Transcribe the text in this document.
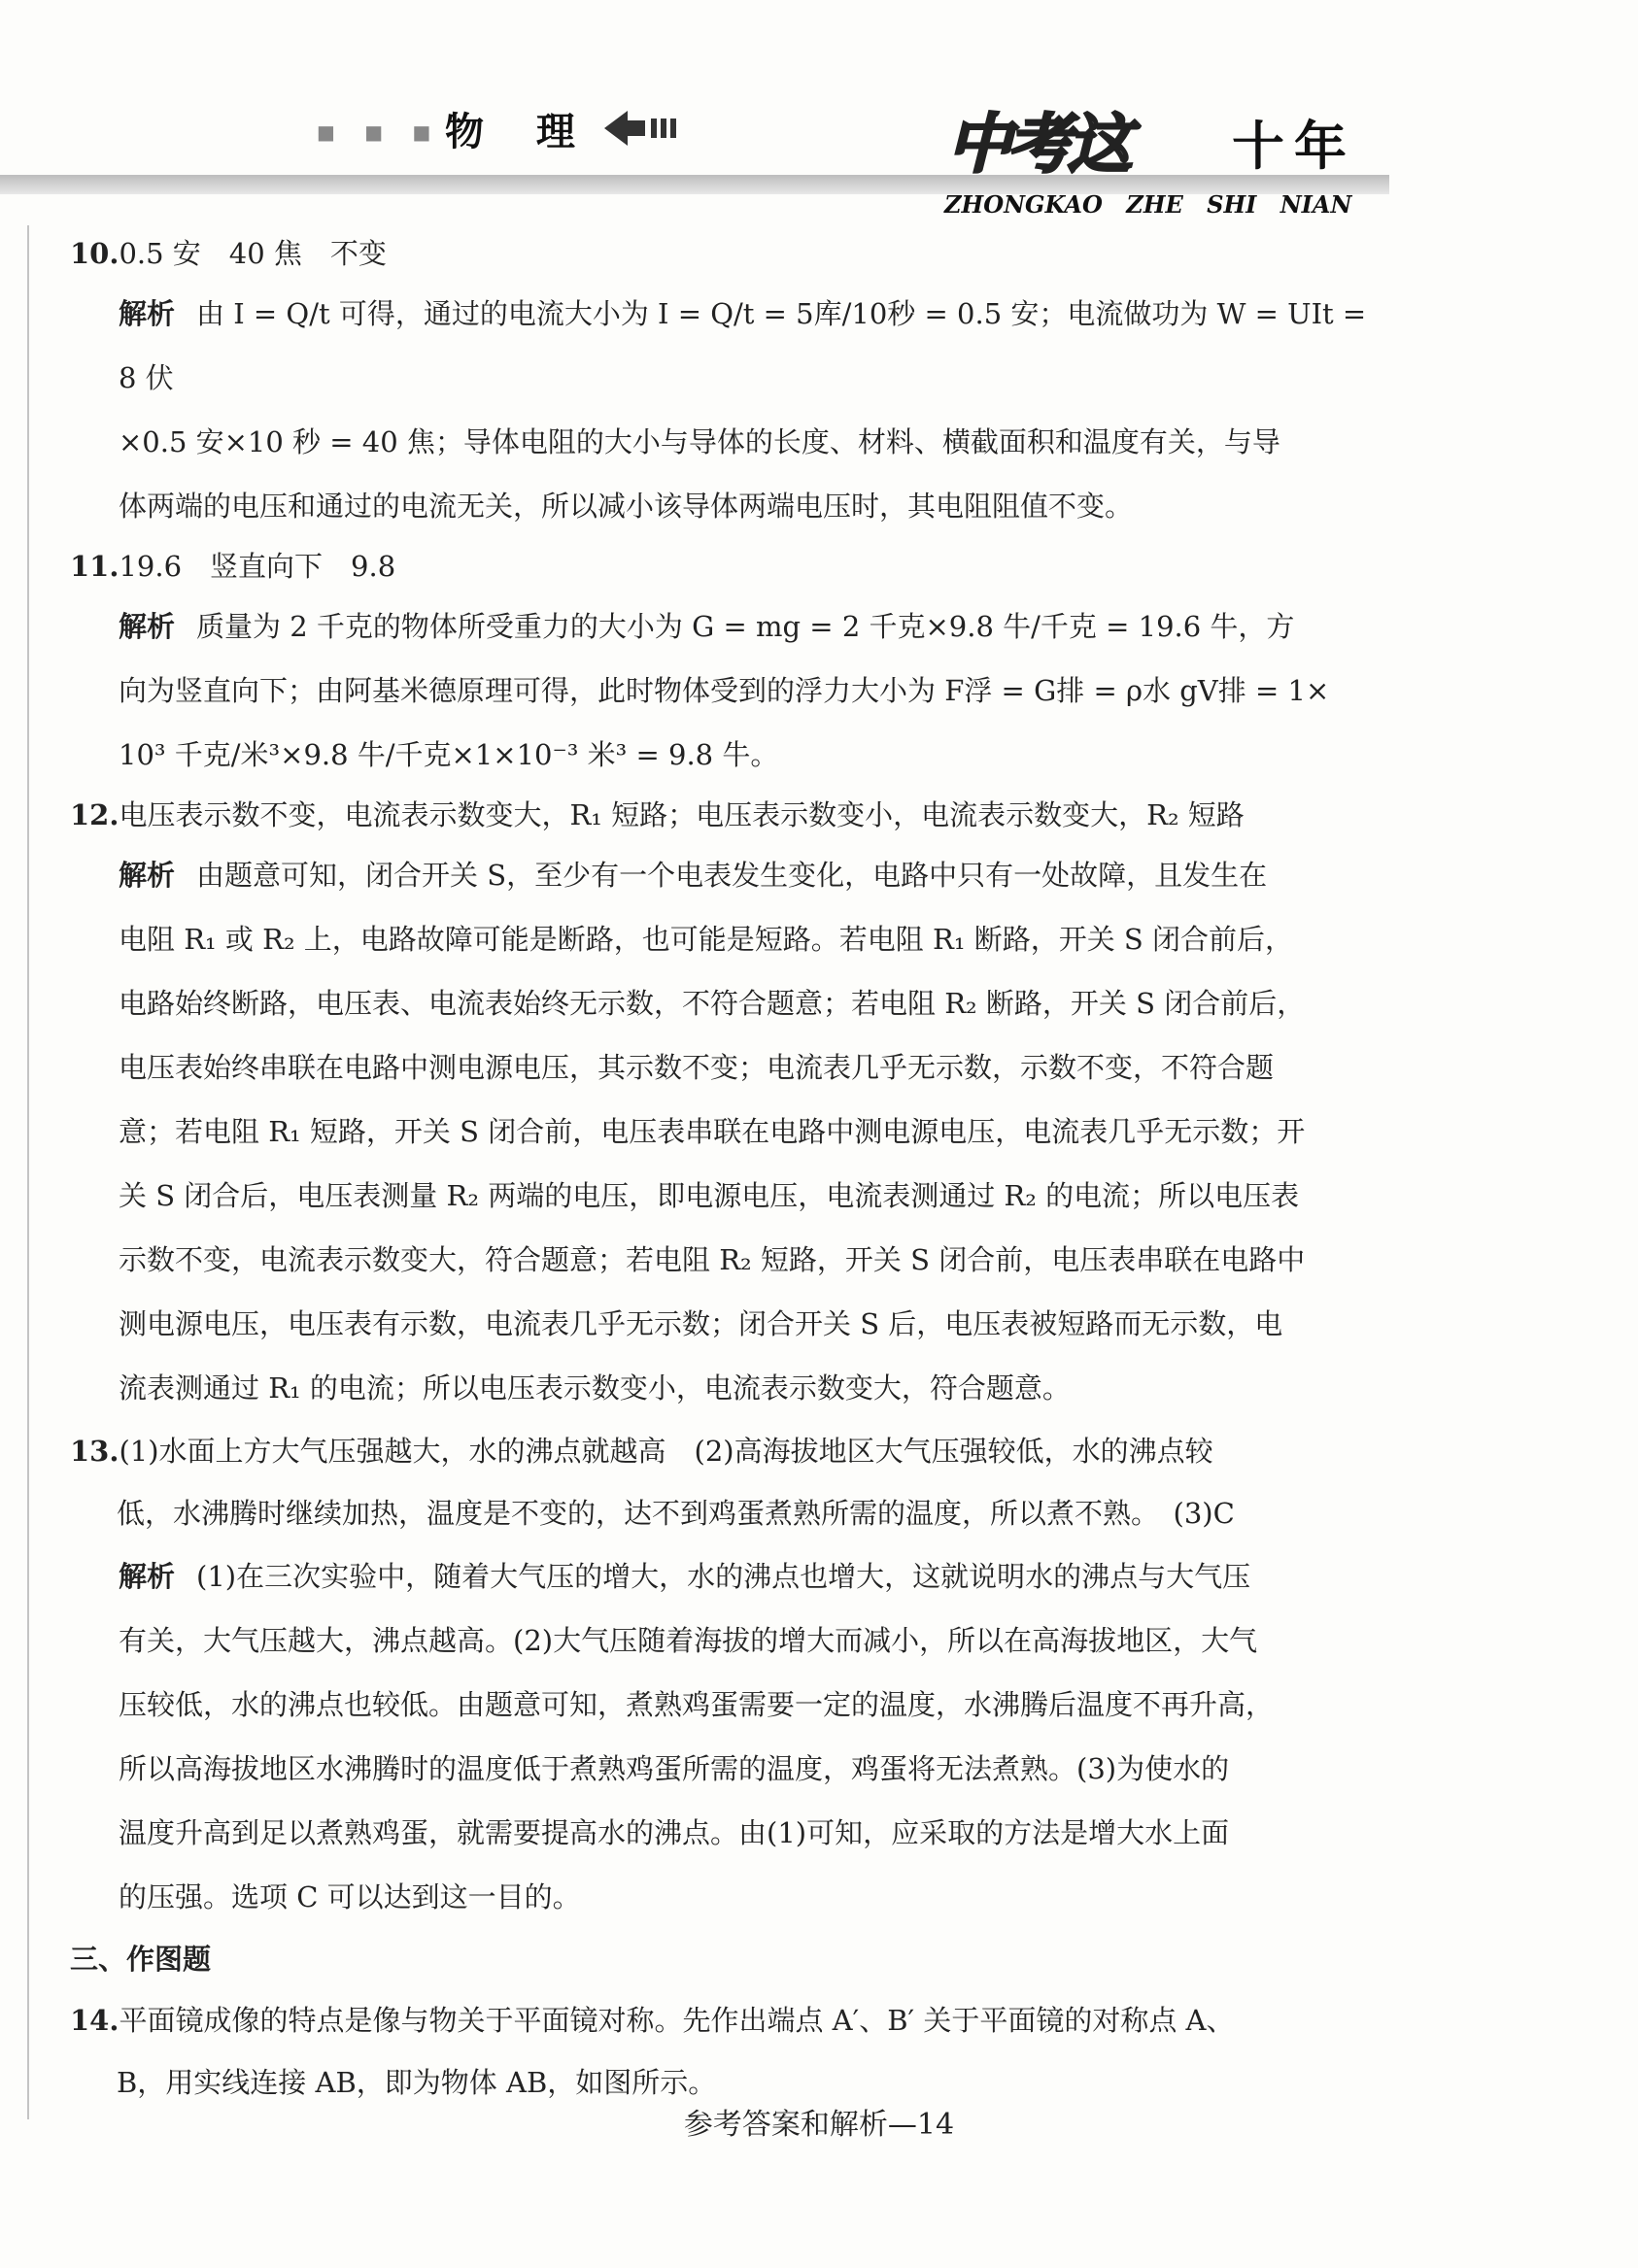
■ ■ ■ 物 理	中考这 十年
ZHONGKAO ZHE SHI NIAN

10.0.5 安　40 焦　不变

解析 由 I = Q/t 可得，通过的电流大小为 I = Q/t = 5库/10秒 = 0.5 安；电流做功为 W = UIt = 8 伏
×0.5 安×10 秒 = 40 焦；导体电阻的大小与导体的长度、材料、横截面积和温度有关，与导
体两端的电压和通过的电流无关，所以减小该导体两端电压时，其电阻阻值不变。

11.19.6　竖直向下　9.8

解析 质量为 2 千克的物体所受重力的大小为 G = mg = 2 千克×9.8 牛/千克 = 19.6 牛，方
向为竖直向下；由阿基米德原理可得，此时物体受到的浮力大小为 F浮 = G排 = ρ水 gV排 = 1×
10³ 千克/米³×9.8 牛/千克×1×10⁻³ 米³ = 9.8 牛。

12.电压表示数不变，电流表示数变大，R₁ 短路；电压表示数变小，电流表示数变大，R₂ 短路

解析 由题意可知，闭合开关 S，至少有一个电表发生变化，电路中只有一处故障，且发生在
电阻 R₁ 或 R₂ 上，电路故障可能是断路，也可能是短路。若电阻 R₁ 断路，开关 S 闭合前后，
电路始终断路，电压表、电流表始终无示数，不符合题意；若电阻 R₂ 断路，开关 S 闭合前后，
电压表始终串联在电路中测电源电压，其示数不变；电流表几乎无示数，示数不变，不符合题
意；若电阻 R₁ 短路，开关 S 闭合前，电压表串联在电路中测电源电压，电流表几乎无示数；开
关 S 闭合后，电压表测量 R₂ 两端的电压，即电源电压，电流表测通过 R₂ 的电流；所以电压表
示数不变，电流表示数变大，符合题意；若电阻 R₂ 短路，开关 S 闭合前，电压表串联在电路中
测电源电压，电压表有示数，电流表几乎无示数；闭合开关 S 后，电压表被短路而无示数，电
流表测通过 R₁ 的电流；所以电压表示数变小，电流表示数变大，符合题意。
13.(1)水面上方大气压强越大，水的沸点就越高　(2)高海拔地区大气压强较低，水的沸点较
低，水沸腾时继续加热，温度是不变的，达不到鸡蛋煮熟所需的温度，所以煮不熟。　(3)C
解析 (1)在三次实验中，随着大气压的增大，水的沸点也增大，这就说明水的沸点与大气压
有关，大气压越大，沸点越高。(2)大气压随着海拔的增大而减小，所以在高海拔地区，大气
压较低，水的沸点也较低。由题意可知，煮熟鸡蛋需要一定的温度，水沸腾后温度不再升高，
所以高海拔地区水沸腾时的温度低于煮熟鸡蛋所需的温度，鸡蛋将无法煮熟。(3)为使水的
温度升高到足以煮熟鸡蛋，就需要提高水的沸点。由(1)可知，应采取的方法是增大水上面
的压强。选项 C 可以达到这一目的。

三、作图题

14.平面镜成像的特点是像与物关于平面镜对称。先作出端点 A′、B′ 关于平面镜的对称点 A、
B，用实线连接 AB，即为物体 AB，如图所示。
参考答案和解析—14
